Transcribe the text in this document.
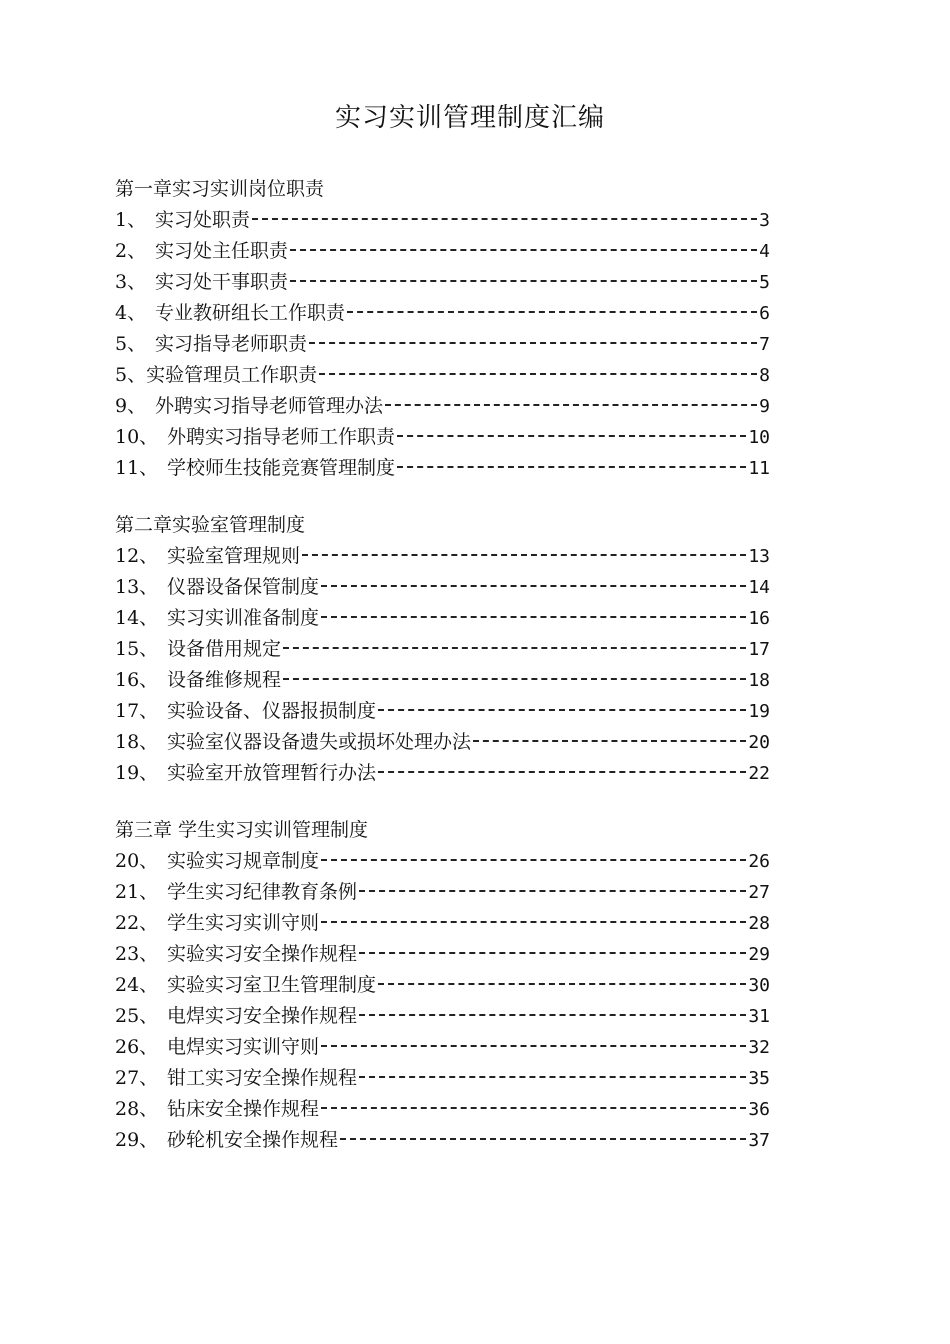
实习实训管理制度汇编
第一章实习实训岗位职责
1、 实习处职责	3
2、 实习处主任职责	4
3、 实习处干事职责	5
4、 专业教研组长工作职责	6
5、 实习指导老师职责	7
5、 实验管理员工作职责	8
9、 外聘实习指导老师管理办法	9
10、 外聘实习指导老师工作职责	10
11、 学校师生技能竞赛管理制度	11
第二章实验室管理制度
12、 实验室管理规则	13
13、 仪器设备保管制度	14
14、 实习实训准备制度	16
15、 设备借用规定	17
16、 设备维修规程	18
17、 实验设备、仪器报损制度	19
18、 实验室仪器设备遗失或损坏处理办法	20
19、 实验室开放管理暂行办法	22
第三章 学生实习实训管理制度
20、 实验实习规章制度	26
21、 学生实习纪律教育条例	27
22、 学生实习实训守则	28
23、 实验实习安全操作规程	29
24、 实验实习室卫生管理制度	30
25、 电焊实习安全操作规程	31
26、 电焊实习实训守则	32
27、 钳工实习安全操作规程	35
28、 钻床安全操作规程	36
29、 砂轮机安全操作规程	37
